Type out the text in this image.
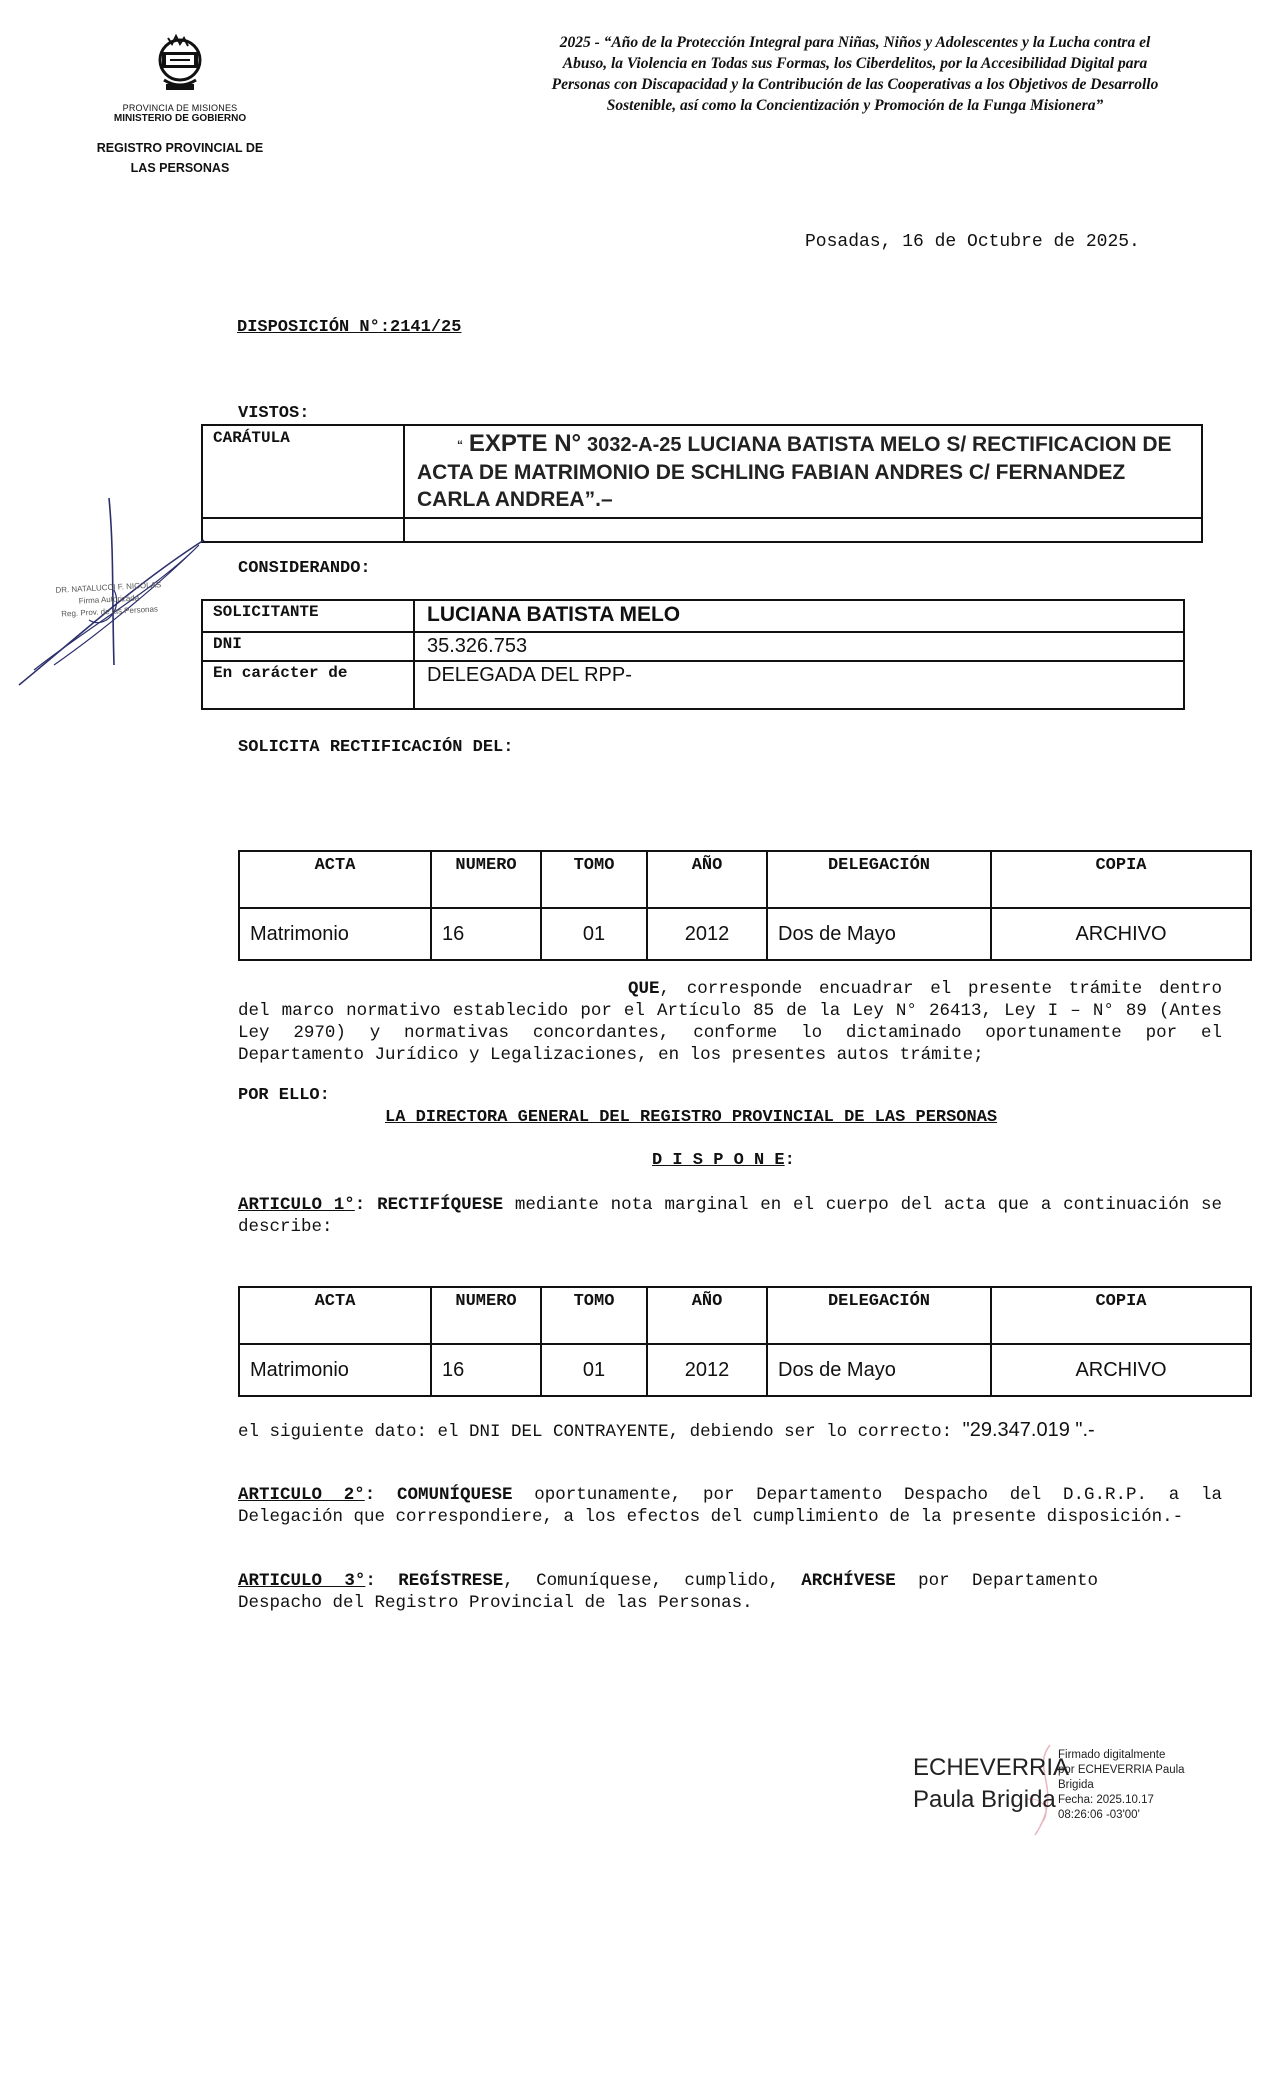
PROVINCIA DE MISIONES
MINISTERIO DE GOBIERNO
REGISTRO PROVINCIAL DE
LAS PERSONAS
2025 - “Año de la Protección Integral para Niñas, Niños y Adolescentes y la Lucha contra el Abuso, la Violencia en Todas sus Formas, los Ciberdelitos, por la Accesibilidad Digital para Personas con Discapacidad y la Contribución de las Cooperativas a los Objetivos de Desarrollo Sostenible, así como la Concientización y Promoción de la Funga Misionera”
Posadas, 16 de Octubre de 2025.
DISPOSICIÓN N°:2141/25
VISTOS:
CARÁTULA	“ EXPTE N° 3032-A-25 LUCIANA BATISTA MELO S/ RECTIFICACION DE ACTA DE MATRIMONIO DE SCHLING FABIAN ANDRES C/ FERNANDEZ CARLA ANDREA”.–

CONSIDERANDO:
SOLICITANTE	LUCIANA BATISTA MELO
DNI	35.326.753
En carácter de	DELEGADA DEL RPP-
SOLICITA RECTIFICACIÓN DEL:
ACTA	NUMERO	TOMO	AÑO	DELEGACIÓN	COPIA
Matrimonio	16	01	2012	Dos de Mayo	ARCHIVO
QUE, corresponde encuadrar el presente trámite dentro del marco normativo establecido por el Artículo 85 de la Ley N° 26413, Ley I – N° 89 (Antes Ley 2970) y normativas concordantes, conforme lo dictaminado oportunamente por el Departamento Jurídico y Legalizaciones, en los presentes autos trámite;
POR ELLO:
LA DIRECTORA GENERAL DEL REGISTRO PROVINCIAL DE LAS PERSONAS
D I S P O N E:
ARTICULO 1°: RECTIFÍQUESE mediante nota marginal en el cuerpo del acta que a continuación se describe:
ACTA	NUMERO	TOMO	AÑO	DELEGACIÓN	COPIA
Matrimonio	16	01	2012	Dos de Mayo	ARCHIVO
el siguiente dato: el DNI DEL CONTRAYENTE, debiendo ser lo correcto: "29.347.019 ".-
ARTICULO 2°: COMUNÍQUESE oportunamente, por Departamento Despacho del D.G.R.P. a la Delegación que correspondiere, a los efectos del cumplimiento de la presente disposición.-
ARTICULO 3°: REGÍSTRESE, Comuníquese, cumplido, ARCHÍVESE por Departamento Despacho del Registro Provincial de las Personas.
ECHEVERRIA
Paula Brigida
Firmado digitalmente
por ECHEVERRIA Paula
Brigida
Fecha: 2025.10.17
08:26:06 -03'00'
DR. NATALUCCI F. NICOLAS
Firma Autorizada
Reg. Prov. de las Personas
